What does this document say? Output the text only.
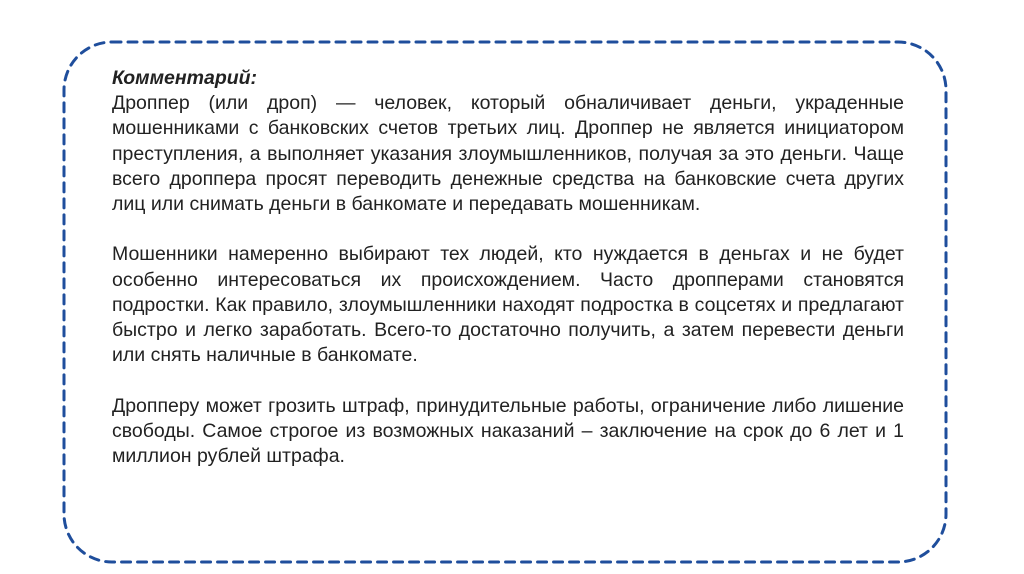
Комментарий:

Дроппер (или дроп) — человек, который обналичивает деньги, украденные мошенниками с банковских счетов третьих лиц. Дроппер не является инициатором преступления, а выполняет указания злоумышленников, получая за это деньги. Чаще всего дроппера просят переводить денежные средства на банковские счета других лиц или снимать деньги в банкомате и передавать мошенникам.

Мошенники намеренно выбирают тех людей, кто нуждается в деньгах и не будет особенно интересоваться их происхождением. Часто дропперами становятся подростки. Как правило, злоумышленники находят подростка в соцсетях и предлагают быстро и легко заработать. Всего-то достаточно получить, а затем перевести деньги или снять наличные в банкомате.

Дропперу может грозить штраф, принудительные работы, ограничение либо лишение свободы. Самое строгое из возможных наказаний – заключение на срок до 6 лет и 1 миллион рублей штрафа.
